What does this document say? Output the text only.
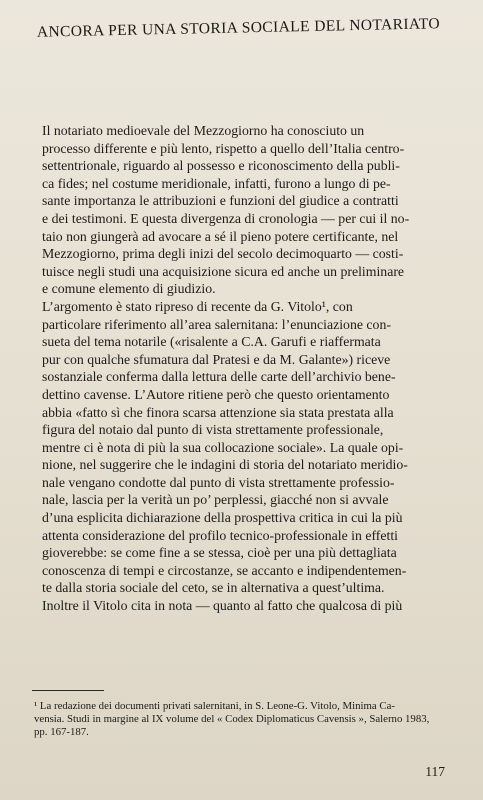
ANCORA PER UNA STORIA SOCIALE DEL NOTARIATO

Il notariato medioevale del Mezzogiorno ha conosciuto un
processo differente e più lento, rispetto a quello dell’Italia centro-
settentrionale, riguardo al possesso e riconoscimento della publi-
ca fides; nel costume meridionale, infatti, furono a lungo di pe-
sante importanza le attribuzioni e funzioni del giudice a contratti
e dei testimoni. E questa divergenza di cronologia — per cui il no-
taio non giungerà ad avocare a sé il pieno potere certificante, nel
Mezzogiorno, prima degli inizi del secolo decimoquarto — costi-
tuisce negli studi una acquisizione sicura ed anche un preliminare
e comune elemento di giudizio.

L’argomento è stato ripreso di recente da G. Vitolo¹, con
particolare riferimento all’area salernitana: l’enunciazione con-
sueta del tema notarile («risalente a C.A. Garufi e riaffermata
pur con qualche sfumatura dal Pratesi e da M. Galante») riceve
sostanziale conferma dalla lettura delle carte dell’archivio bene-
dettino cavense. L’Autore ritiene però che questo orientamento
abbia «fatto sì che finora scarsa attenzione sia stata prestata alla
figura del notaio dal punto di vista strettamente professionale,
mentre ci è nota di più la sua collocazione sociale». La quale opi-
nione, nel suggerire che le indagini di storia del notariato meridio-
nale vengano condotte dal punto di vista strettamente professio-
nale, lascia per la verità un po’ perplessi, giacché non si avvale
d’una esplicita dichiarazione della prospettiva critica in cui la più
attenta considerazione del profilo tecnico-professionale in effetti
gioverebbe: se come fine a se stessa, cioè per una più dettagliata
conoscenza di tempi e circostanze, se accanto e indipendentemen-
te dalla storia sociale del ceto, se in alternativa a quest’ultima.
Inoltre il Vitolo cita in nota — quanto al fatto che qualcosa di più

¹ La redazione dei documenti privati salernitani, in S. Leone-G. Vitolo, Minima Ca-
vensia. Studi in margine al IX volume del « Codex Diplomaticus Cavensis », Salerno 1983,
pp. 167-187.
117
